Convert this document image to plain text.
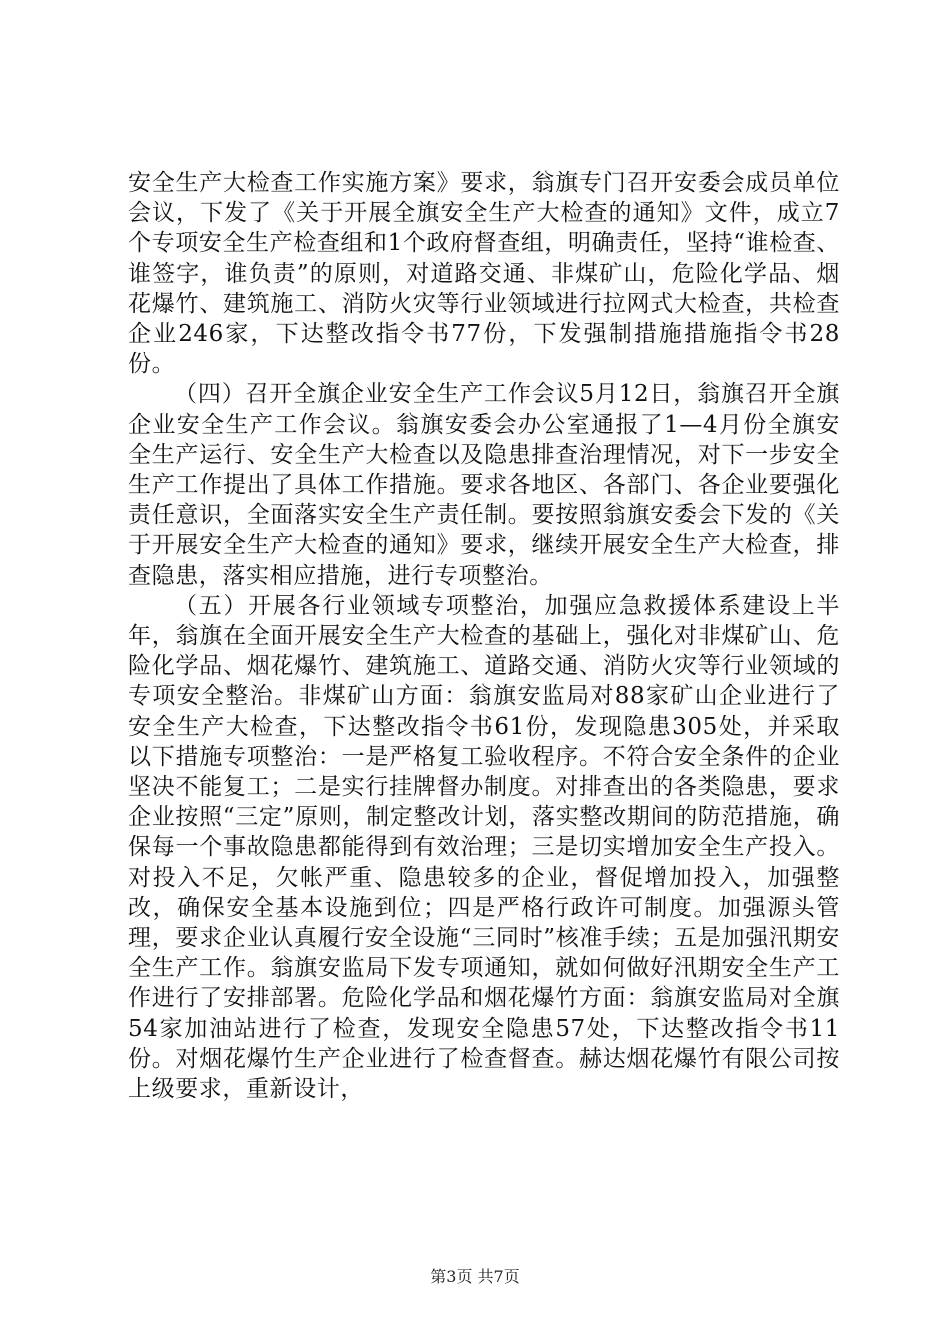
安全生产大检查工作实施方案》要求，翁旗专门召开安委会成员单位会议，下发了《关于开展全旗安全生产大检查的通知》文件，成立7个专项安全生产检查组和1个政府督查组，明确责任，坚持“谁检查、谁签字，谁负责”的原则，对道路交通、非煤矿山，危险化学品、烟花爆竹、建筑施工、消防火灾等行业领域进行拉网式大检查，共检查企业246家，下达整改指令书77份，下发强制措施措施指令书28份。

（四）召开全旗企业安全生产工作会议5月12日，翁旗召开全旗企业安全生产工作会议。翁旗安委会办公室通报了1—4月份全旗安全生产运行、安全生产大检查以及隐患排查治理情况，对下一步安全生产工作提出了具体工作措施。要求各地区、各部门、各企业要强化责任意识，全面落实安全生产责任制。要按照翁旗安委会下发的《关于开展安全生产大检查的通知》要求，继续开展安全生产大检查，排查隐患，落实相应措施，进行专项整治。

（五）开展各行业领域专项整治，加强应急救援体系建设上半年，翁旗在全面开展安全生产大检查的基础上，强化对非煤矿山、危险化学品、烟花爆竹、建筑施工、道路交通、消防火灾等行业领域的专项安全整治。非煤矿山方面：翁旗安监局对88家矿山企业进行了安全生产大检查，下达整改指令书61份，发现隐患305处，并采取以下措施专项整治：一是严格复工验收程序。不符合安全条件的企业坚决不能复工；二是实行挂牌督办制度。对排查出的各类隐患，要求企业按照“三定”原则，制定整改计划，落实整改期间的防范措施，确保每一个事故隐患都能得到有效治理；三是切实增加安全生产投入。对投入不足，欠帐严重、隐患较多的企业，督促增加投入，加强整改，确保安全基本设施到位；四是严格行政许可制度。加强源头管理，要求企业认真履行安全设施“三同时”核准手续；五是加强汛期安全生产工作。翁旗安监局下发专项通知，就如何做好汛期安全生产工作进行了安排部署。危险化学品和烟花爆竹方面：翁旗安监局对全旗54家加油站进行了检查，发现安全隐患57处，下达整改指令书11份。对烟花爆竹生产企业进行了检查督查。赫达烟花爆竹有限公司按上级要求，重新设计，

第3页 共7页
